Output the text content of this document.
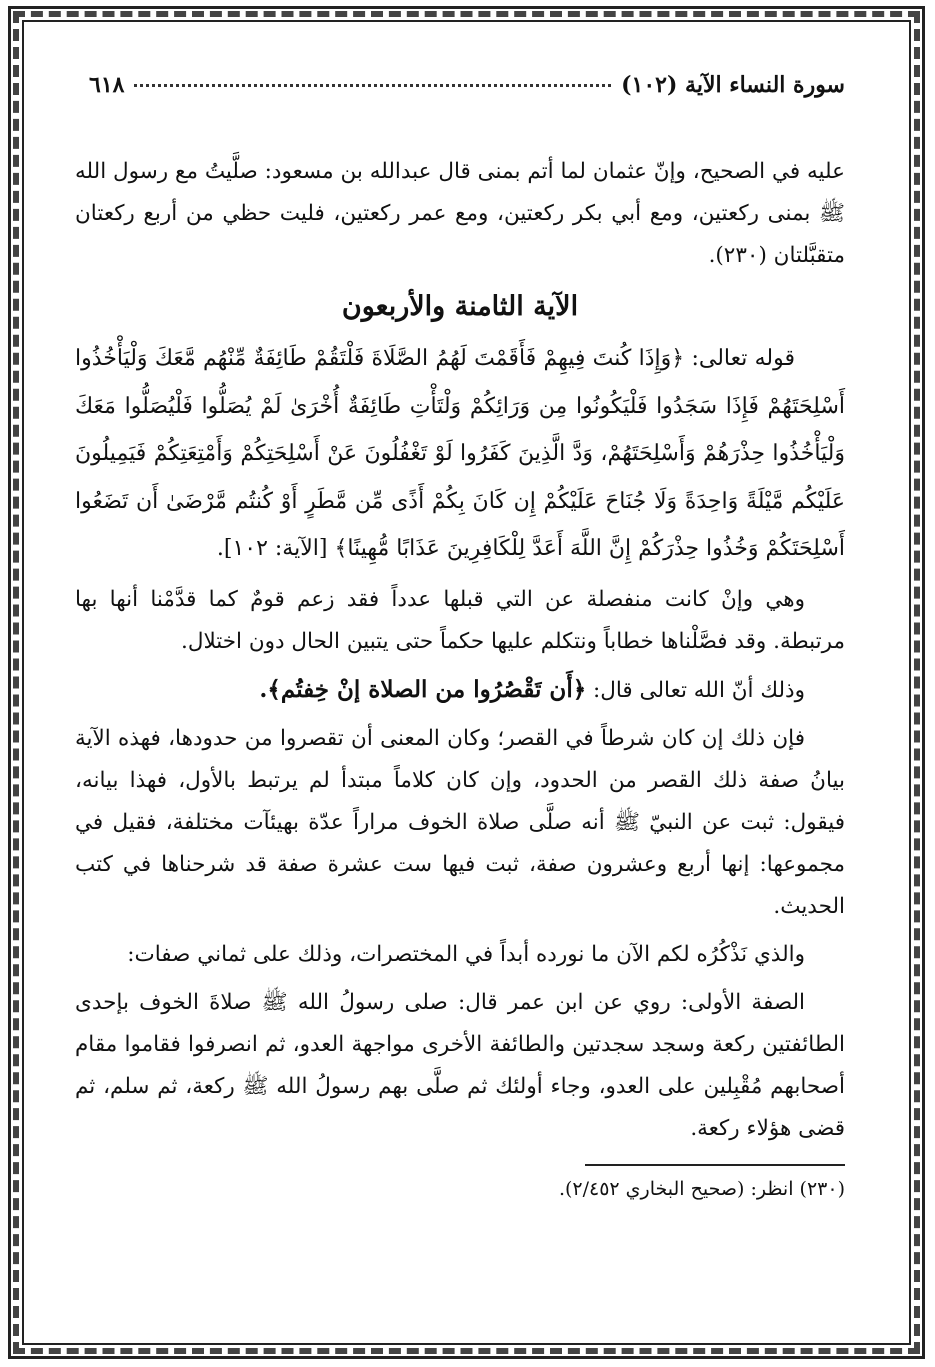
سورة النساء الآية (١٠٢)
٦١٨

عليه في الصحيح، وإنّ عثمان لما أتم بمنى قال عبدالله بن مسعود: صلَّيتُ مع رسول الله ﷺ بمنى ركعتين، ومع أبي بكر ركعتين، ومع عمر ركعتين، فليت حظي من أربع ركعتان متقبَّلتان (٢٣٠).

الآية الثامنة والأربعون

قوله تعالى: ﴿وَإِذَا كُنتَ فِيهِمْ فَأَقَمْتَ لَهُمُ الصَّلَاةَ فَلْتَقُمْ طَائِفَةٌ مِّنْهُم مَّعَكَ وَلْيَأْخُذُوا أَسْلِحَتَهُمْ فَإِذَا سَجَدُوا فَلْيَكُونُوا مِن وَرَائِكُمْ وَلْتَأْتِ طَائِفَةٌ أُخْرَىٰ لَمْ يُصَلُّوا فَلْيُصَلُّوا مَعَكَ وَلْيَأْخُذُوا حِذْرَهُمْ وَأَسْلِحَتَهُمْ، وَدَّ الَّذِينَ كَفَرُوا لَوْ تَغْفُلُونَ عَنْ أَسْلِحَتِكُمْ وَأَمْتِعَتِكُمْ فَيَمِيلُونَ عَلَيْكُم مَّيْلَةً وَاحِدَةً وَلَا جُنَاحَ عَلَيْكُمْ إِن كَانَ بِكُمْ أَذًى مِّن مَّطَرٍ أَوْ كُنتُم مَّرْضَىٰ أَن تَضَعُوا أَسْلِحَتَكُمْ وَخُذُوا حِذْرَكُمْ إِنَّ اللَّهَ أَعَدَّ لِلْكَافِرِينَ عَذَابًا مُّهِينًا﴾ [الآية: ١٠٢].

وهي وإنْ كانت منفصلة عن التي قبلها عدداً فقد زعم قومٌ كما قدَّمْنا أنها بها مرتبطة. وقد فصَّلْناها خطاباً ونتكلم عليها حكماً حتى يتبين الحال دون اختلال.

وذلك أنّ الله تعالى قال: ﴿أَن تَقْصُرُوا من الصلاة إنْ خِفتُم﴾.

فإن ذلك إن كان شرطاً في القصر؛ وكان المعنى أن تقصروا من حدودها، فهذه الآية بيانُ صفة ذلك القصر من الحدود، وإن كان كلاماً مبتدأ لم يرتبط بالأول، فهذا بيانه، فيقول: ثبت عن النبيّ ﷺ أنه صلَّى صلاة الخوف مراراً عدّة بهيئآت مختلفة، فقيل في مجموعها: إنها أربع وعشرون صفة، ثبت فيها ست عشرة صفة قد شرحناها في كتب الحديث.

والذي نَذْكُرُه لكم الآن ما نورده أبداً في المختصرات، وذلك على ثماني صفات:

الصفة الأولى: روي عن ابن عمر قال: صلى رسولُ الله ﷺ صلاةَ الخوف بإحدى الطائفتين ركعة وسجد سجدتين والطائفة الأخرى مواجهة العدو، ثم انصرفوا فقاموا مقام أصحابهم مُقْبِلين على العدو، وجاء أولئك ثم صلَّى بهم رسولُ الله ﷺ ركعة، ثم سلم، ثم قضى هؤلاء ركعة.

(٢٣٠) انظر: (صحيح البخاري ٢/٤٥٢).
